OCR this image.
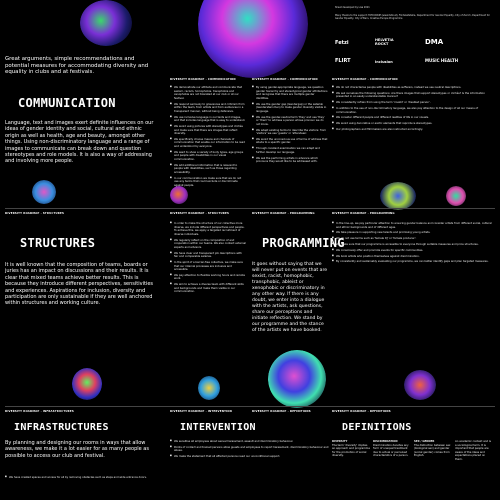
Sheet developed by Lisa 2021
Many thanks to the support: FATCOOKIE (www.fetzi.at), Fördeleitstelle, Department for Gender Equality, City of Zurich, Department for Gender Equality, City of Bern, Creative Europe Programme
Fetzi	HELVETIA ROCKT	DMA
FLIRT	Inclusion	MUSIC HEALTH
Great arguments, simple recommendations and potential measures for accommodating diversity and equality in clubs and at festivals.
COMMUNICATION
Language, text and images exert definite influences on our ideas of gender identity and social, cultural and ethnic origin as well as health, age and beauty, amongst other things. Using non-discriminatory language and a range of images to communicate can break down and question stereotypes and role models. It is also a way of addressing and involving more people.
DIVERSITY ROADMAP · COMMUNICATION	DIVERSITY ROADMAP · COMMUNICATION	DIVERSITY ROADMAP · COMMUNICATION
■ We demonstrate our attitude and communicate that sexism, racism, homophobia, transphobia and xenophobia are not tolerated at our club or at our festival.
■ We respond seriously to grievances and criticism from within the team, from artists and from audiences in a transparent manner, without being defensive.
■ We use inclusive language in our texts and images, and that includes language that is easy to understand.
■ We avoid using pictures with stereotypes and clichés and make sure that there are images that reflect diversity.
■ We specifically choose means and channels of communication that enable our information to be read and understood by everyone.
■ We want to show a variety of body types, age groups and people with disabilities in our visual communication.
■ We add additional information that is relevant to people with disabilities, such as those regarding accessibility.
■ In our communication we make sure that we do not use any terms that could exclude or discriminate against people.
■ By using gender-appropriate language, we question gender hierarchy and stereotypical gender attributions and recognise that there are multiple gender identities.
■ We use the gender gap (Gendergap) or the asterisk (Gendersternchen) to make gender diversity visible in language.
■ We use the gender-neutral term 'they' and use 'they' or 'them' to address a person whose pronoun we do not know.
■ We adapt existing terms to describe the visitors: from 'visitors' we use 'guests' or 'attendees'.
■ We avoid the unconscious use of terms of address that allude to a specific gender.
■ Through constant examination we can adapt and further develop our language.
■ We ask the performing artists in advance which pronouns they would like to be addressed with.
■ We do not characterise people with disabilities as sufferers, instead we use neutral descriptions.
■ We ask ourselves the following questions: Are there images that support stereotypes or clichés? Is the information presented in an easily understandable manner?
■ We consistently refrain from using the term 'invalid' or 'disabled person'.
■ In addition to the use of non-discriminatory language, we also pay attention to the design of all our means of communication.
■ We consider different people and different realities of life in our visuals.
■ We avoid using decorative or exotic elements that reproduce stereotypes.
■ Our photographers and filmmakers are also instructed accordingly.
DIVERSITY ROADMAP · STRUCTURES	DIVERSITY ROADMAP · STRUCTURES	DIVERSITY ROADMAP · PROGRAMMING	DIVERSITY ROADMAP · PROGRAMMING
STRUCTURES
It is well known that the composition of teams, boards or juries has an impact on discussions and their results. It is clear that mixed teams achieve better results. This is because they introduce different perspectives, sensitivities and experiences. Aspirations for inclusion, diversity and participation are only sustainable if they are well anchored within structures and working culture.
■ In order to make the structure of our collective more diverse, we include different perspectives and people. To achieve this, we apply a targeted recruitment of diverse individuals.
■ We regularly reflect on the composition of and cooperation within our teams. We also contact external experts and advisors.
■ We have clear and transparent job descriptions with fair and comparable salaries.
■ In the spirit of a barrier-free collective, we make sure that our internal processes are inclusive and accessible.
■ We pay attention to flexible working hours and remote work.
■ We aim to achieve a diverse team with different skills and backgrounds and make them visible in our communication.
PROGRAMMING
It goes without saying that we will never put on events that are sexist, racist, homophobic, transphobic, ableist or xenophobic or discriminatory in any other way. If there is any doubt, we enter into a dialogue with the artists, ask questions, share our perceptions and initiate reflection. We stand by our programme and the stance of the artists we have booked.
■ In the line-up, we pay particular attention to ensuring gender balance and consider artists from different social, cultural and ethnic backgrounds and of different ages.
■ We take pleasure in supporting new talents and promising young artists.
■ We do not use terms such as 'female DJ' or 'female producer'.
■ We make sure that our programme is accessible to everyone through suitable measures and price structures.
■ We consciously offer and promote events for specific communities.
■ We book artists who position themselves against discrimination.
■ By consistently and sustainably evaluating our programme, we can better identify gaps and plan targeted measures.
DIVERSITY ROADMAP · INFRASTRUCTURES	DIVERSITY ROADMAP · INTERVENTION	DIVERSITY ROADMAP · DEFINITIONS	DIVERSITY ROADMAP · DEFINITIONS
INFRASTRUCTURES
By planning and designing our rooms in ways that allow awareness, we make it a lot easier for as many people as possible to access our club and festival.
■ We have created spaces and access for all by removing obstacles such as steps and wide entrance doors.
INTERVENTION
■ We sensitise all employees about sexual harassment, assault and discriminatory behaviour.
■ Points of contact and trained persons allow guests and employees to report harassment, discriminatory behaviour and abuse.
■ We make the statement that all affected persons need our unconditional support.
DEFINITIONS
DIVERSITY
The term 'diversity' implies an approach and programme for the promotion of social diversity.
DISCRIMINATION
Discrimination denotes any form of unequal treatment due to actual or perceived characteristics of a person.
SEX / GENDER
The distinction between sex (biological sex) and gender (social gender) comes from English.
An academic context and is a sociological term. It is important that people are aware of the ideas and expectations placed on them.
